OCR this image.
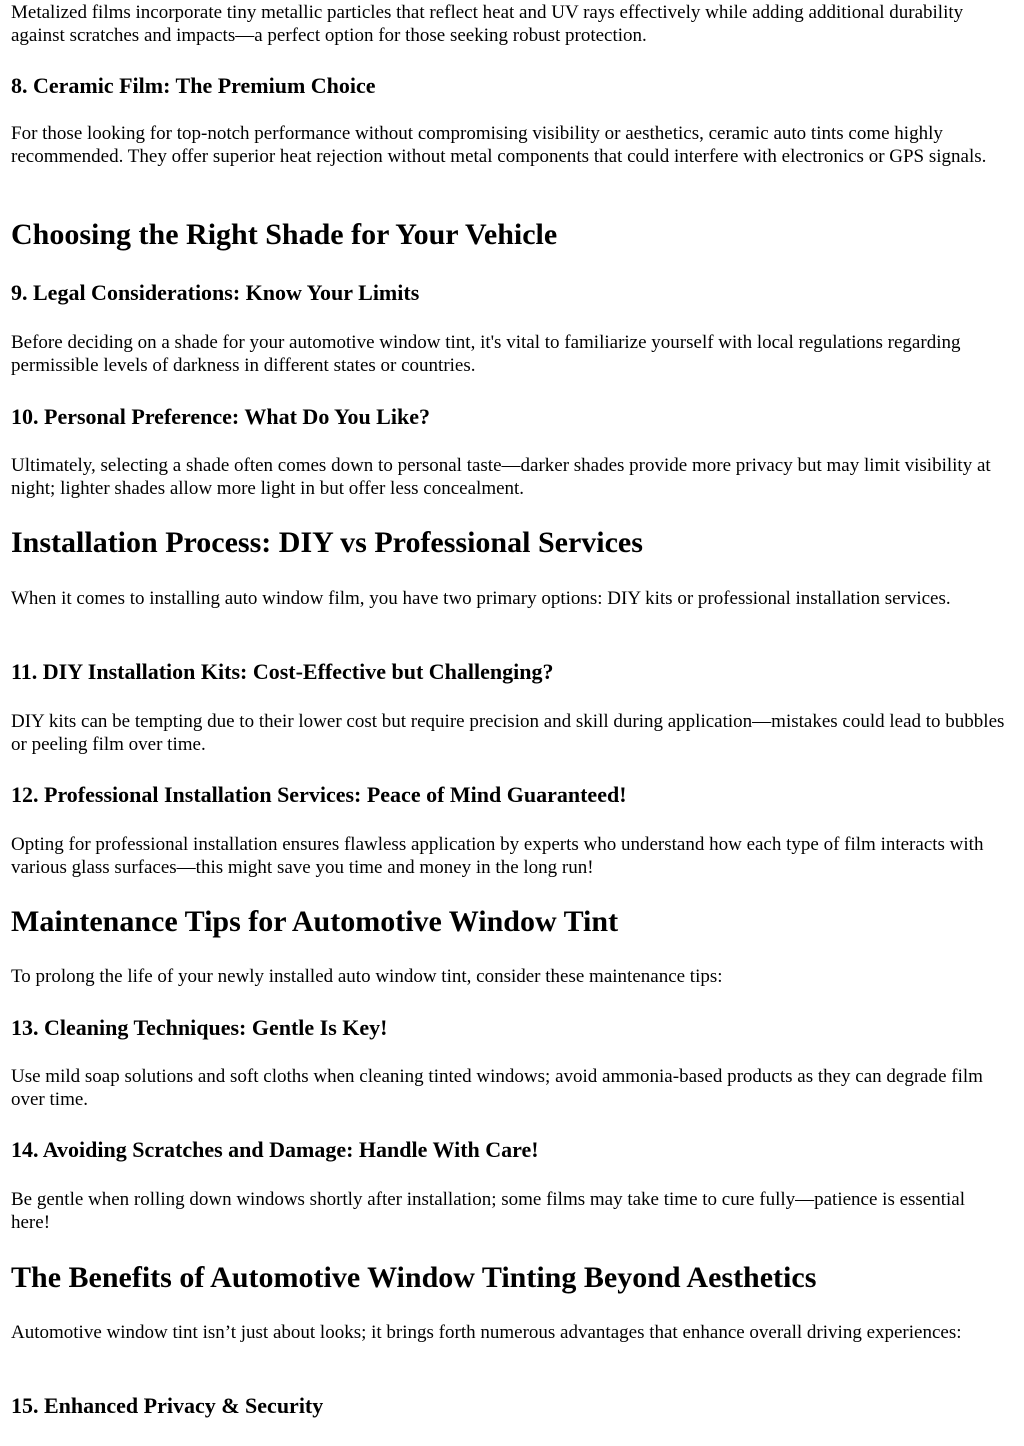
Metalized films incorporate tiny metallic particles that reflect heat and UV rays effectively while adding additional durability against scratches and impacts—a perfect option for those seeking robust protection.

8. Ceramic Film: The Premium Choice

For those looking for top-notch performance without compromising visibility or aesthetics, ceramic auto tints come highly recommended. They offer superior heat rejection without metal components that could interfere with electronics or GPS signals.

Choosing the Right Shade for Your Vehicle
9. Legal Considerations: Know Your Limits

Before deciding on a shade for your automotive window tint, it's vital to familiarize yourself with local regulations regarding permissible levels of darkness in different states or countries.

10. Personal Preference: What Do You Like?

Ultimately, selecting a shade often comes down to personal taste—darker shades provide more privacy but may limit visibility at night; lighter shades allow more light in but offer less concealment.

Installation Process: DIY vs Professional Services

When it comes to installing auto window film, you have two primary options: DIY kits or professional installation services.

11. DIY Installation Kits: Cost-Effective but Challenging?

DIY kits can be tempting due to their lower cost but require precision and skill during application—mistakes could lead to bubbles or peeling film over time.

12. Professional Installation Services: Peace of Mind Guaranteed!

Opting for professional installation ensures flawless application by experts who understand how each type of film interacts with various glass surfaces—this might save you time and money in the long run!

Maintenance Tips for Automotive Window Tint

To prolong the life of your newly installed auto window tint, consider these maintenance tips:

13. Cleaning Techniques: Gentle Is Key!

Use mild soap solutions and soft cloths when cleaning tinted windows; avoid ammonia-based products as they can degrade film over time.

14. Avoiding Scratches and Damage: Handle With Care!

Be gentle when rolling down windows shortly after installation; some films may take time to cure fully—patience is essential here!

The Benefits of Automotive Window Tinting Beyond Aesthetics

Automotive window tint isn’t just about looks; it brings forth numerous advantages that enhance overall driving experiences:

15. Enhanced Privacy & Security
